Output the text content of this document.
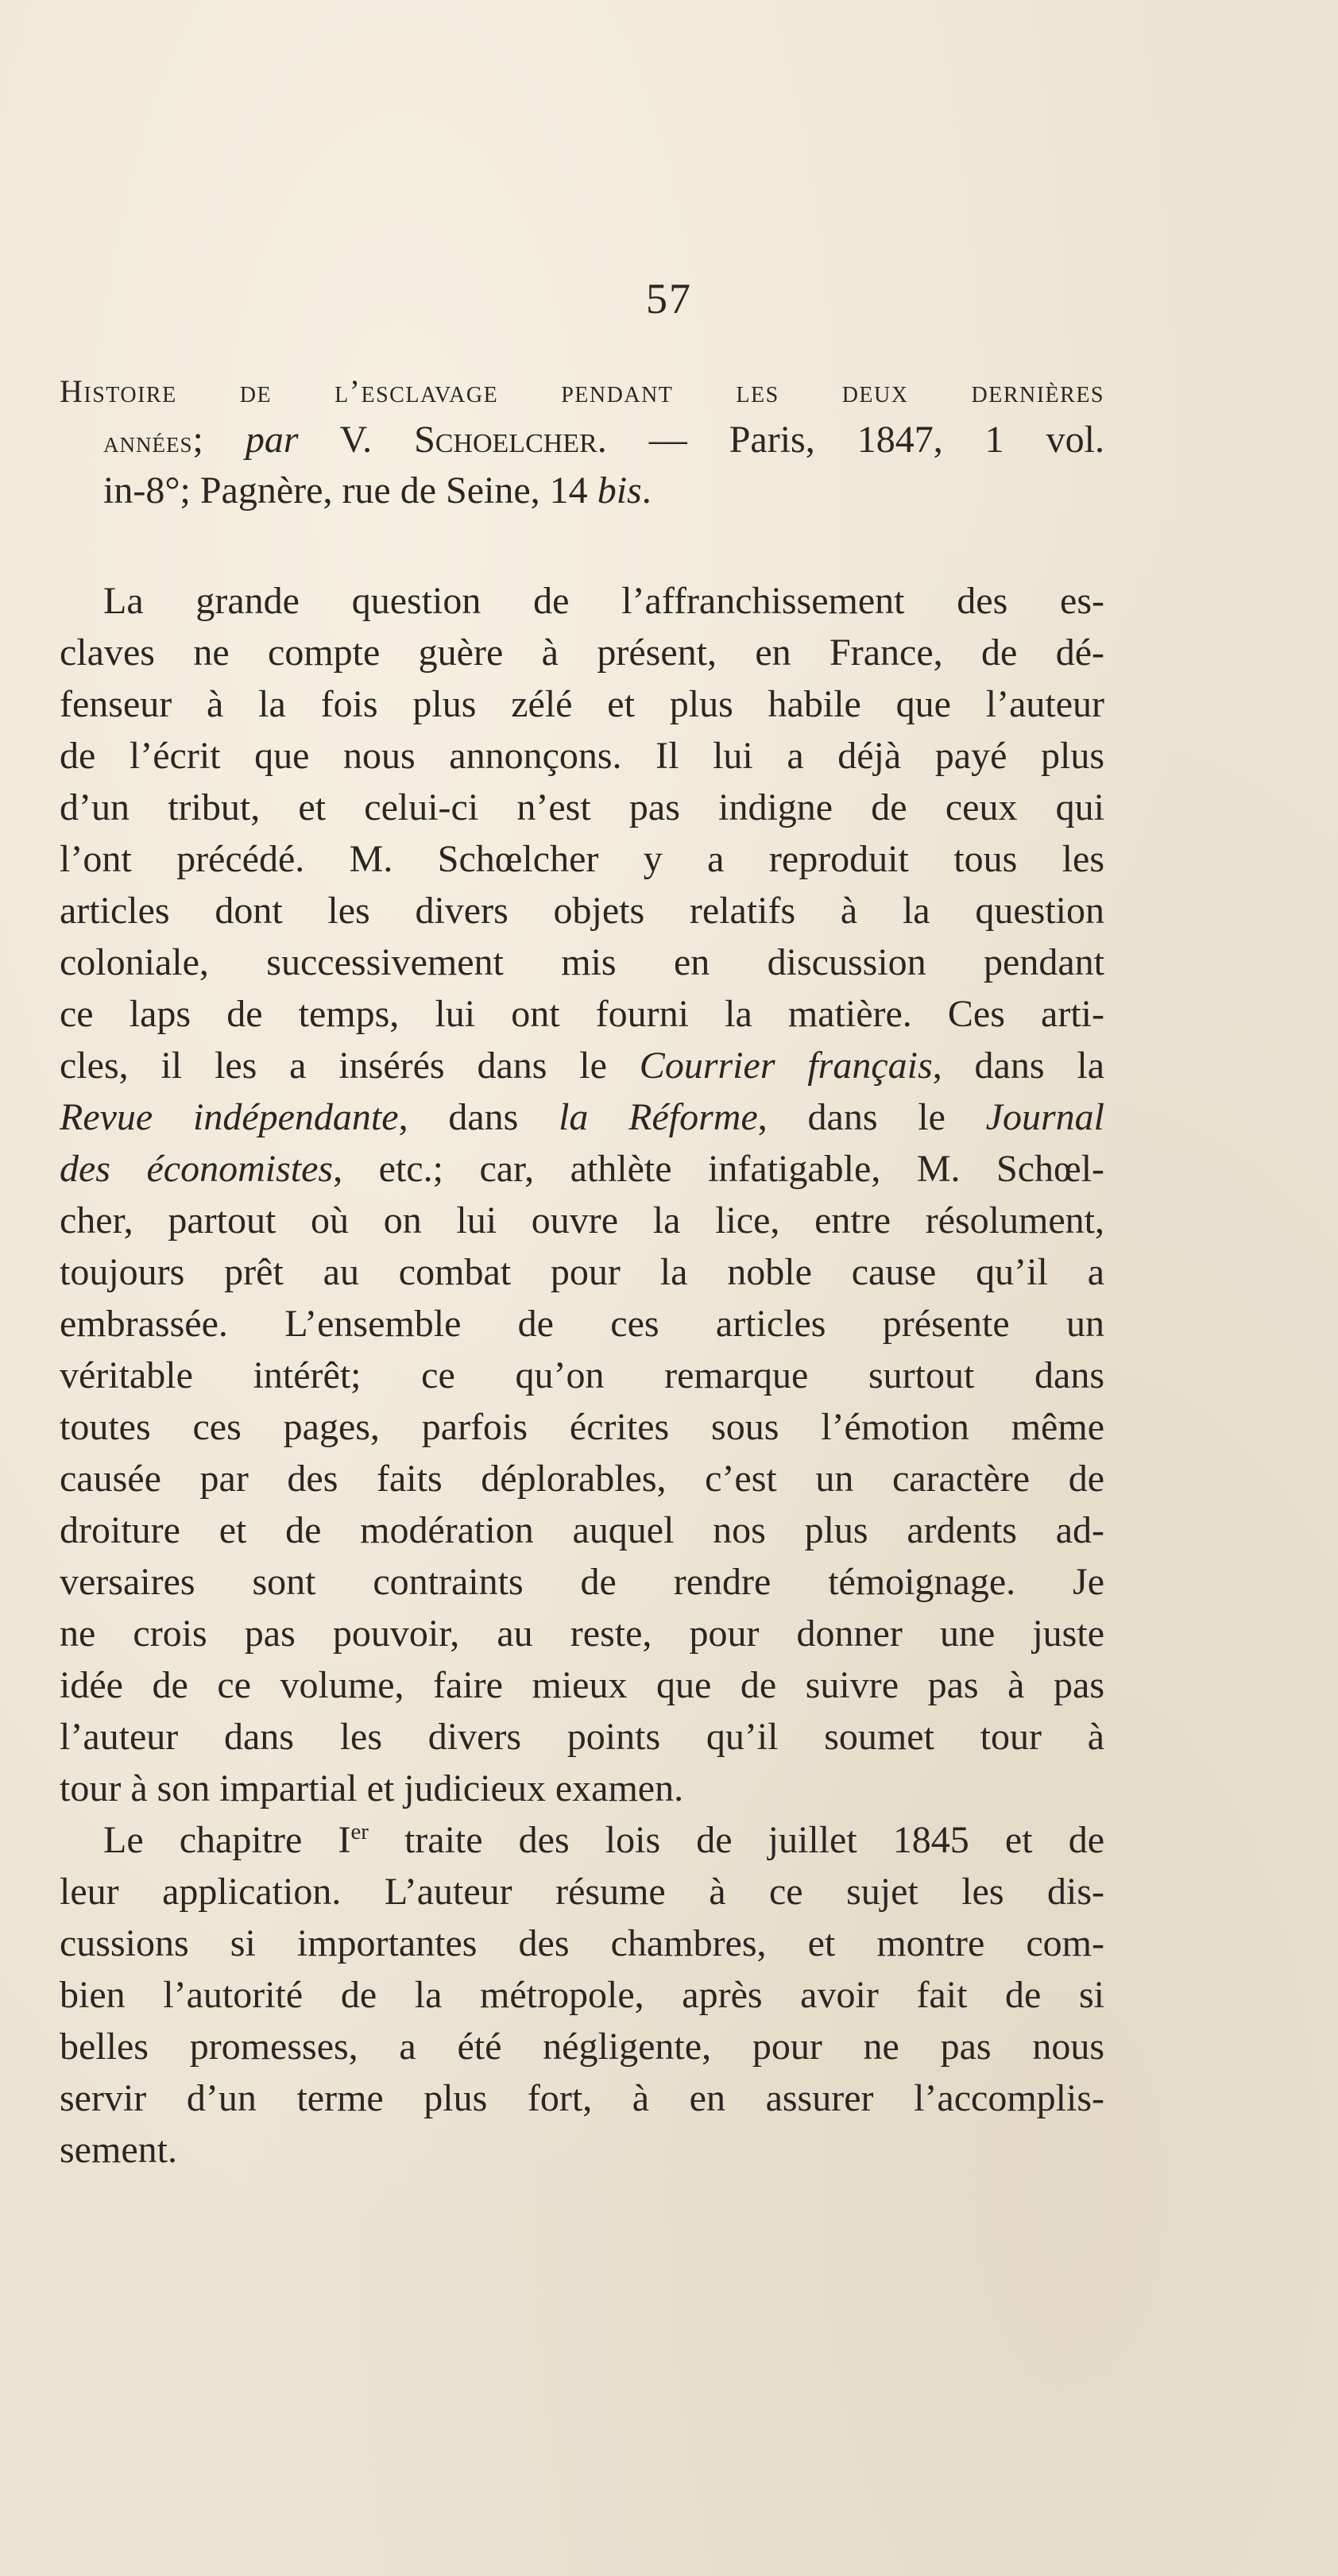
57
Histoire de l’esclavage pendant les deux dernières
années; par V. Schoelcher. — Paris, 1847, 1 vol.
in-8°; Pagnère, rue de Seine, 14 bis.
La grande question de l’affranchissement des es-
claves ne compte guère à présent, en France, de dé-
fenseur à la fois plus zélé et plus habile que l’auteur
de l’écrit que nous annonçons. Il lui a déjà payé plus
d’un tribut, et celui-ci n’est pas indigne de ceux qui
l’ont précédé. M. Schœlcher y a reproduit tous les
articles dont les divers objets relatifs à la question
coloniale, successivement mis en discussion pendant
ce laps de temps, lui ont fourni la matière. Ces arti-
cles, il les a insérés dans le Courrier français, dans la
Revue indépendante, dans la Réforme, dans le Journal
des économistes, etc.; car, athlète infatigable, M. Schœl-
cher, partout où on lui ouvre la lice, entre résolument,
toujours prêt au combat pour la noble cause qu’il a
embrassée. L’ensemble de ces articles présente un
véritable intérêt; ce qu’on remarque surtout dans
toutes ces pages, parfois écrites sous l’émotion même
causée par des faits déplorables, c’est un caractère de
droiture et de modération auquel nos plus ardents ad-
versaires sont contraints de rendre témoignage. Je
ne crois pas pouvoir, au reste, pour donner une juste
idée de ce volume, faire mieux que de suivre pas à pas
l’auteur dans les divers points qu’il soumet tour à
tour à son impartial et judicieux examen.
Le chapitre Ier traite des lois de juillet 1845 et de
leur application. L’auteur résume à ce sujet les dis-
cussions si importantes des chambres, et montre com-
bien l’autorité de la métropole, après avoir fait de si
belles promesses, a été négligente, pour ne pas nous
servir d’un terme plus fort, à en assurer l’accomplis-
sement.
